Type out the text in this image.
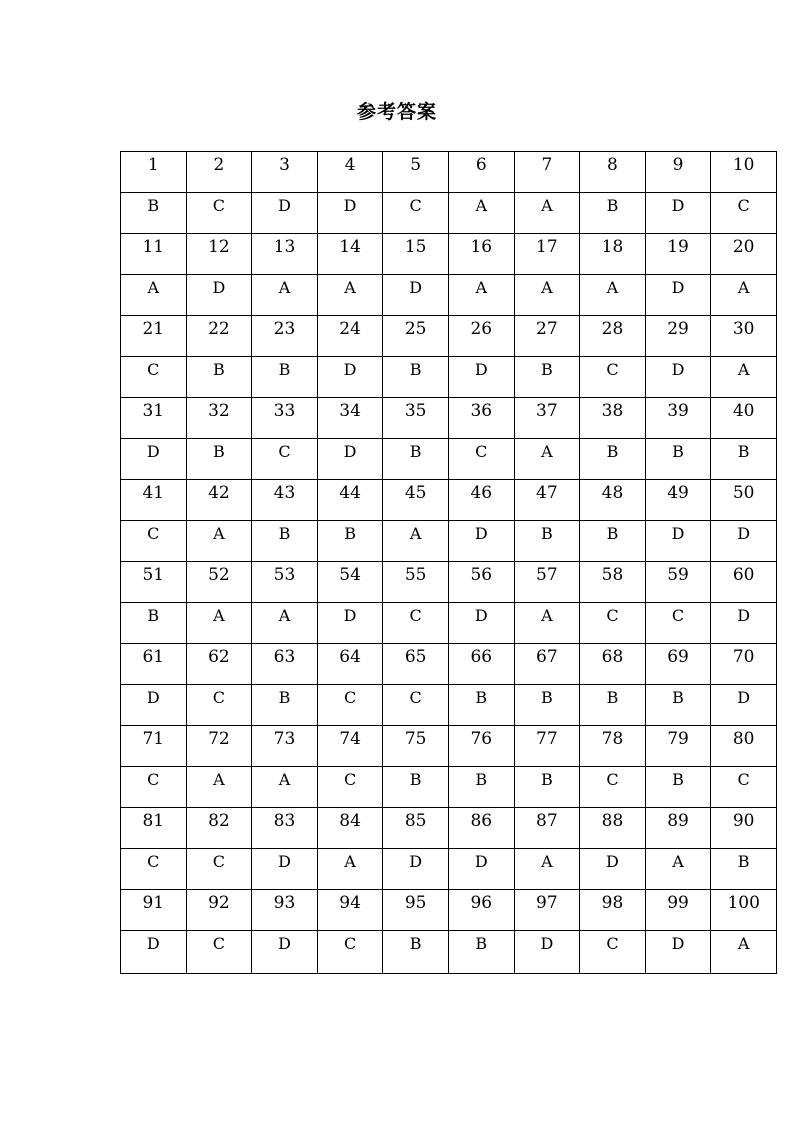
参考答案
1	2	3	4	5	6	7	8	9	10

B	C	D	D	C	A	A	B	D	C

11	12	13	14	15	16	17	18	19	20

A	D	A	A	D	A	A	A	D	A

21	22	23	24	25	26	27	28	29	30

C	B	B	D	B	D	B	C	D	A

31	32	33	34	35	36	37	38	39	40

D	B	C	D	B	C	A	B	B	B

41	42	43	44	45	46	47	48	49	50

C	A	B	B	A	D	B	B	D	D

51	52	53	54	55	56	57	58	59	60

B	A	A	D	C	D	A	C	C	D

61	62	63	64	65	66	67	68	69	70

D	C	B	C	C	B	B	B	B	D

71	72	73	74	75	76	77	78	79	80

C	A	A	C	B	B	B	C	B	C

81	82	83	84	85	86	87	88	89	90

C	C	D	A	D	D	A	D	A	B

91	92	93	94	95	96	97	98	99	100

D	C	D	C	B	B	D	C	D	A
